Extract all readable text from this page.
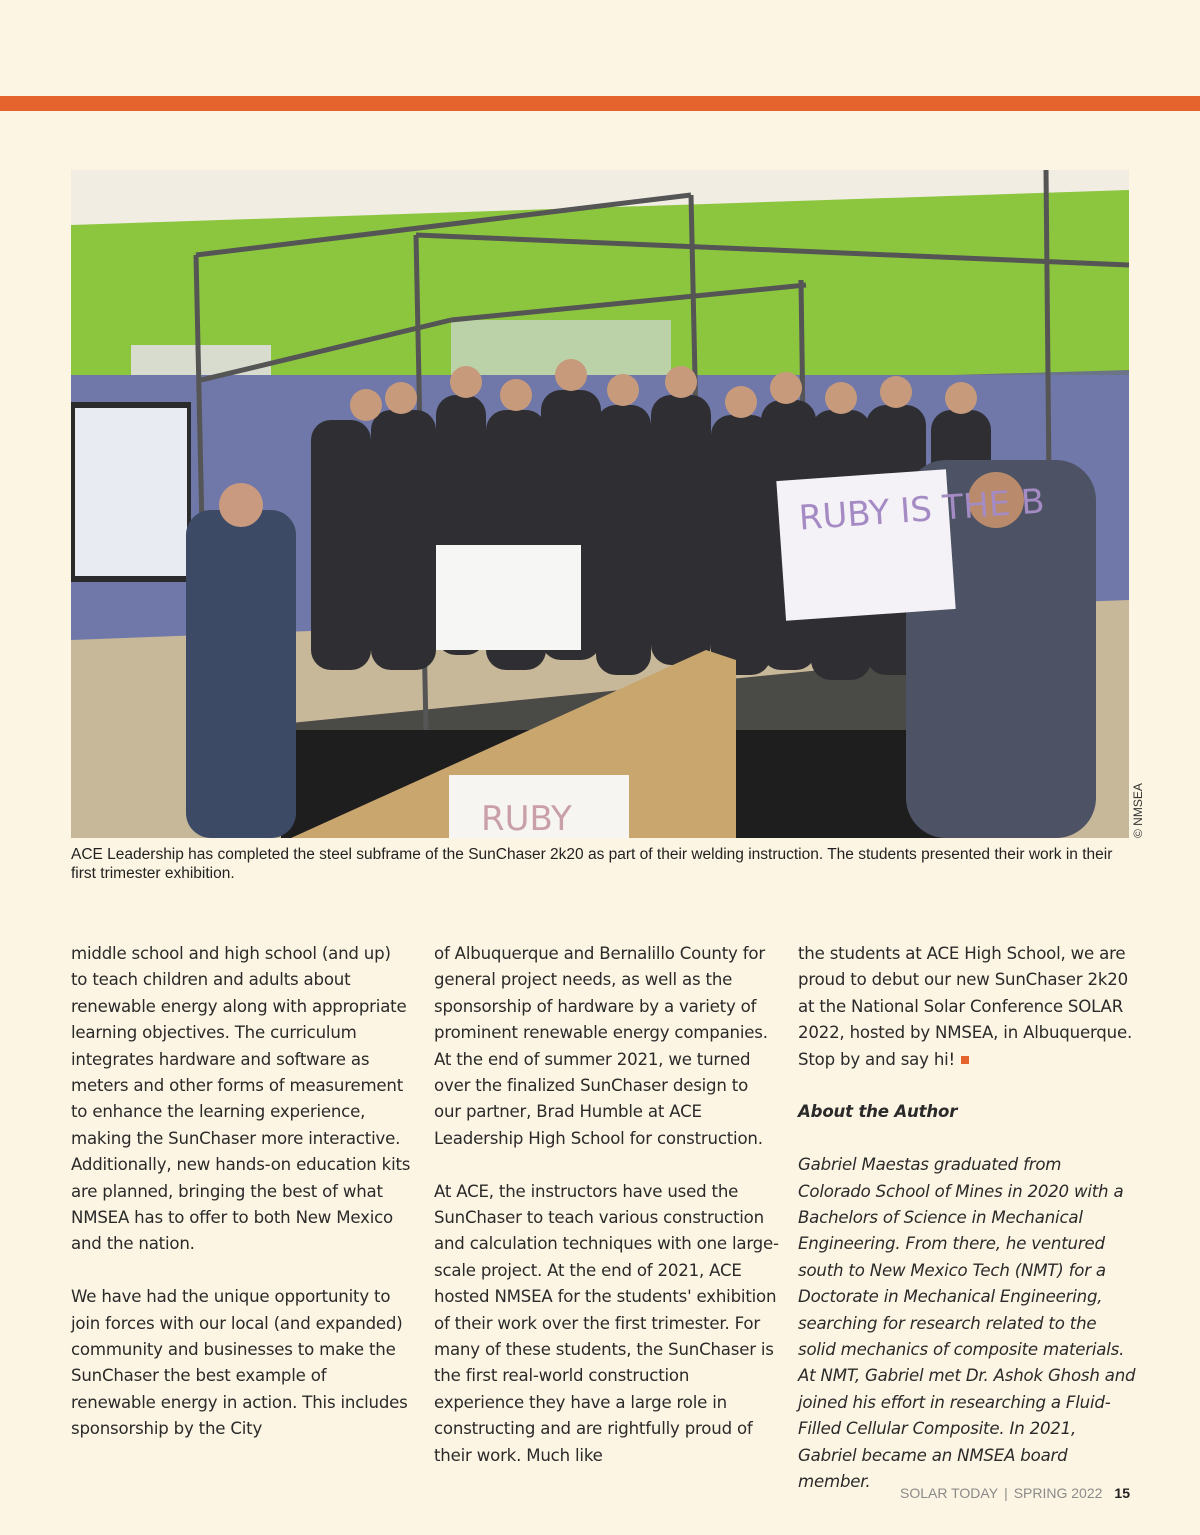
RUBY IS THE B
RUBY	© NMSEA
ACE Leadership has completed the steel subframe of the SunChaser 2k20 as part of their welding instruction. The students presented their work in their first trimester exhibition.

middle school and high school (and up) to teach children and adults about renewable energy along with appropriate learning objectives. The curriculum integrates hardware and software as meters and other forms of measurement to enhance the learning experience, making the SunChaser more interactive. Additionally, new hands-on education kits are planned, bringing the best of what NMSEA has to offer to both New Mexico and the nation.

We have had the unique opportunity to join forces with our local (and expanded) community and businesses to make the SunChaser the best example of renewable energy in action. This includes sponsorship by the City

of Albuquerque and Bernalillo County for general project needs, as well as the sponsorship of hardware by a variety of prominent renewable energy companies. At the end of summer 2021, we turned over the finalized SunChaser design to our partner, Brad Humble at ACE Leadership High School for construction.

At ACE, the instructors have used the SunChaser to teach various construction and calculation techniques with one large-scale project. At the end of 2021, ACE hosted NMSEA for the students' exhibition of their work over the first trimester. For many of these students, the SunChaser is the first real-world construction experience they have a large role in constructing and are rightfully proud of their work. Much like

the students at ACE High School, we are proud to debut our new SunChaser 2k20 at the National Solar Conference SOLAR 2022, hosted by NMSEA, in Albuquerque. Stop by and say hi!

About the Author

Gabriel Maestas graduated from Colorado School of Mines in 2020 with a Bachelors of Science in Mechanical Engineering. From there, he ventured south to New Mexico Tech (NMT) for a Doctorate in Mechanical Engineering, searching for research related to the solid mechanics of composite materials. At NMT, Gabriel met Dr. Ashok Ghosh and joined his effort in researching a Fluid-Filled Cellular Composite. In 2021, Gabriel became an NMSEA board member.

SOLAR TODAY | SPRING 2022 15
